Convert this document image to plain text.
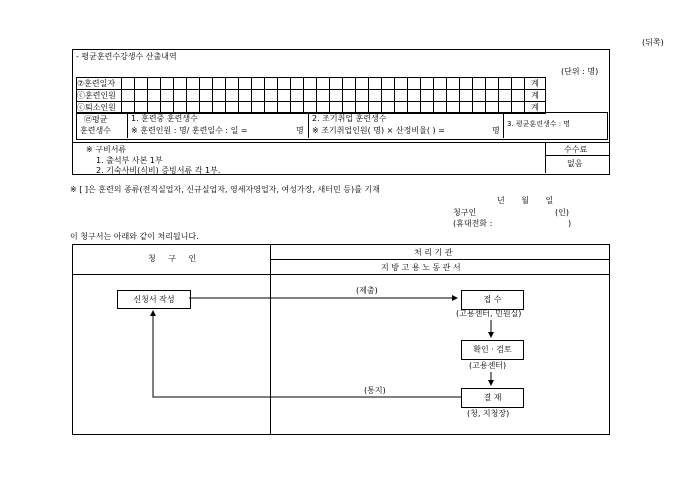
(뒤쪽)
- 평균훈련수강생수 산출내역
(단위 : 명)
⑦훈련일자																																계
ⓒ훈련인원																																계
ⓒ퇴소인원																																계
㉣평균
훈련생수
1. 훈련중 훈련생수
※ 훈련인원 : 명/ 훈련일수 : 일 =	명
2. 조기취업 훈련생수
※ 조기취업인원( 명) × 산정비율( ) =	명
3. 평균훈련생수 : 명
※ 구비서류
1. 출석부 사본 1부
2. 기숙사비(식비) 증빙서류 각 1부.
수수료
없음
※ [ ]은 훈련의 종류(전직실업자, 신규실업자, 영세자영업자, 여성가장, 새터민 등)를 기재
년 월 일
청구인	(인)
(휴대전화 :	)
이 청구서는 아래와 같이 처리됩니다.
청 구 인
처 리 기 관
지 방 고 용 노 동 관 서
신청서 작성	접 수
(고용센터, 민원실)
확인 · 검토
(고용센터)
결 재
(청, 지청장)
(제출)
(통지)
